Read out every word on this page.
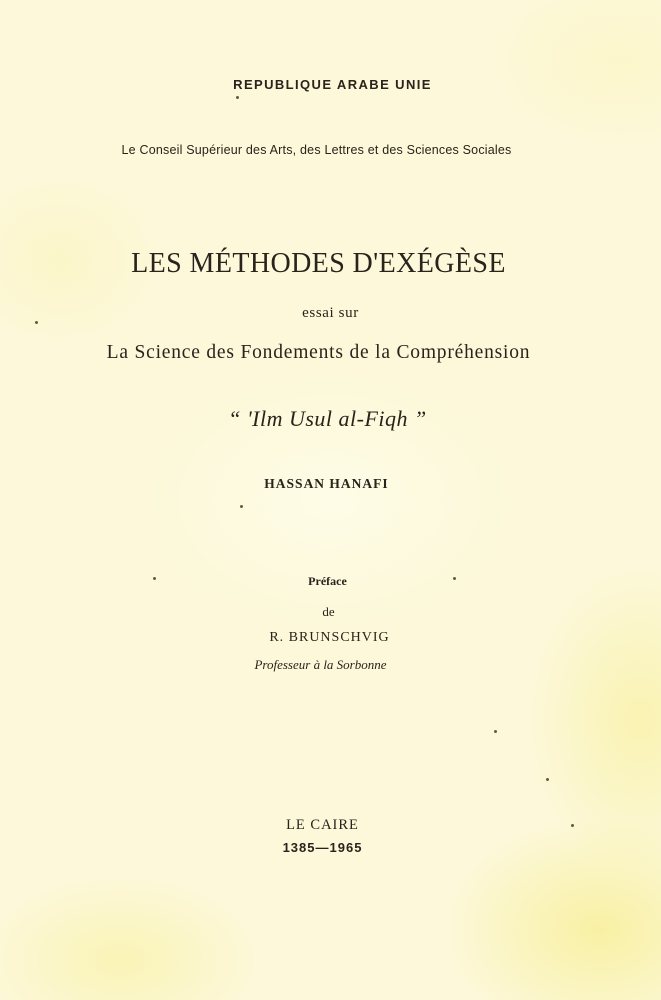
REPUBLIQUE ARABE UNIE
Le Conseil Supérieur des Arts, des Lettres et des Sciences Sociales
LES MÉTHODES D'EXÉGÈSE
essai sur
La Science des Fondements de la Compréhension
“ 'Ilm Usul al-Fiqh ”
HASSAN HANAFI
Préface
de
R. BRUNSCHVIG
Professeur à la Sorbonne
LE CAIRE
1385—1965
